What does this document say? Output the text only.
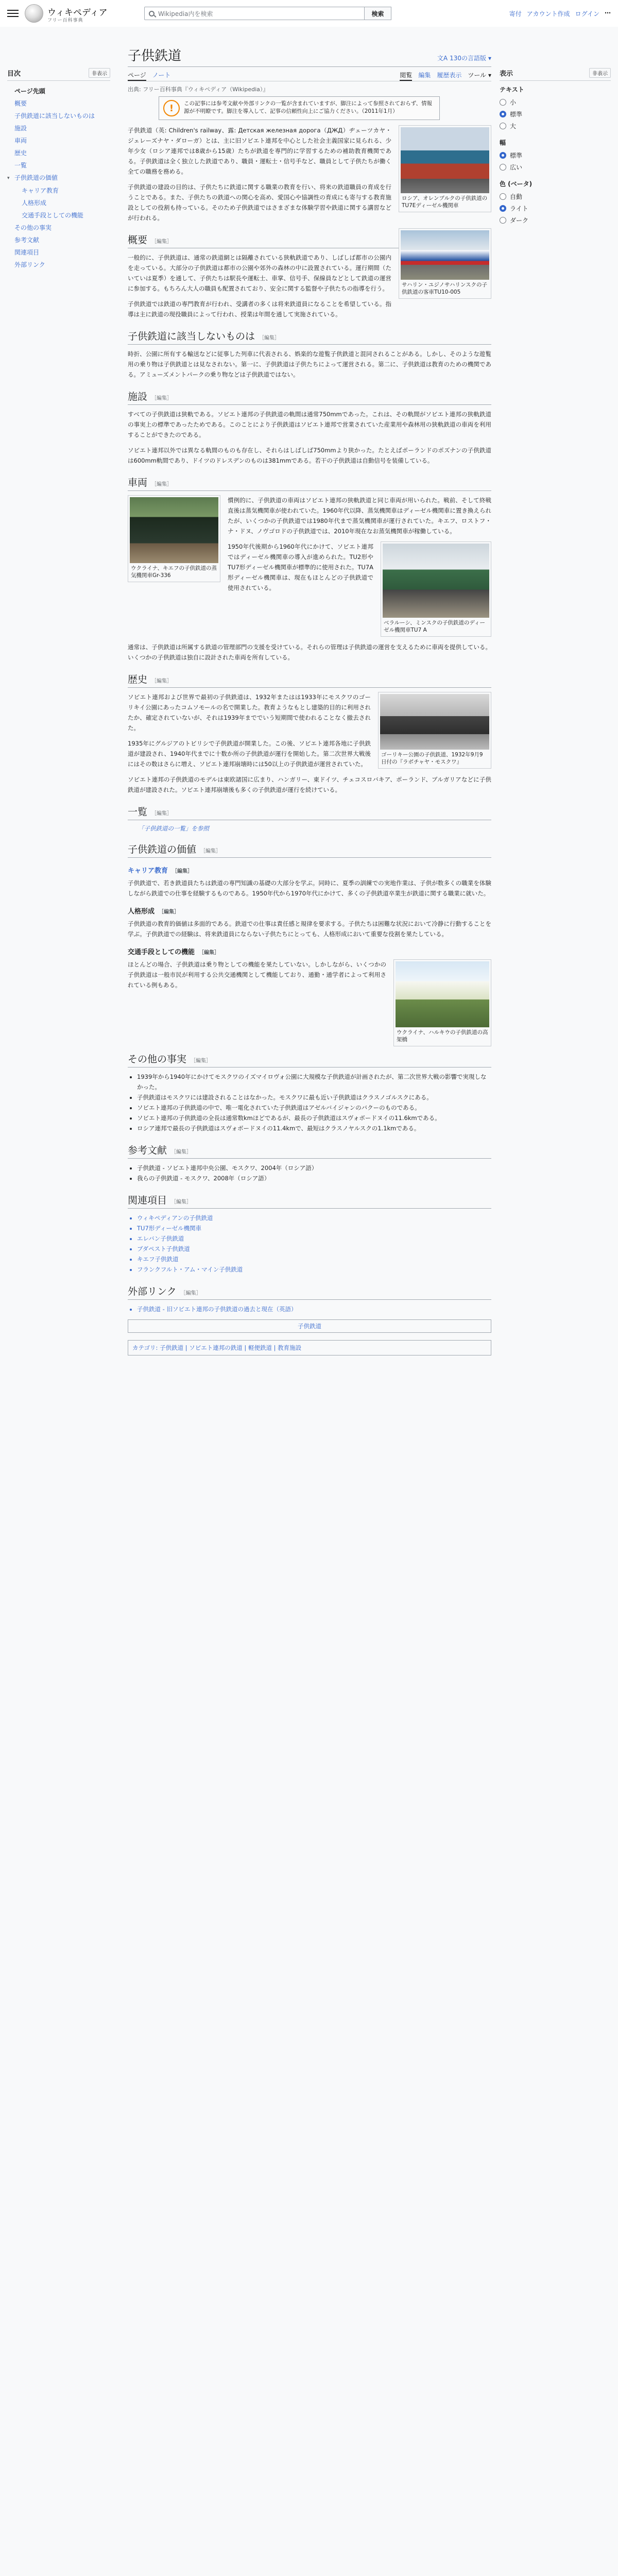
ウィキペディア
フリー百科事典
Wikipedia内を検索	検索	寄付 アカウント作成 ログイン ⋯
目次	非表示
ページ先頭
概要
子供鉄道に該当しないものは
施設
車両
歴史
一覧
▾ 子供鉄道の価値
キャリア教育
人格形成
交通手段としての機能
その他の事実
参考文献
関連項目
外部リンク
表示	非表示
テキスト
小
標準
大
幅
標準
広い
色 (ベータ)
自動
ライト
ダーク
子供鉄道	文A 130の言語版 ▾
ページ ノート	閲覧 編集 履歴表示 ツール ▾
出典: フリー百科事典『ウィキペディア（Wikipedia）』
!	この記事には参考文献や外部リンクの一覧が含まれていますが、脚注によって参照されておらず、情報源が不明瞭です。脚注を導入して、記事の信頼性向上にご協力ください。（2011年1月）
ロシア、オレンブルクの子供鉄道のTU7Eディーゼル機関車

子供鉄道（英: Children's railway、露: Детская железная дорога（ДЖД）ヂェーツカヤ・ジェレーズナヤ・ダローガ）とは、主に旧ソビエト連邦を中心とした社会主義国家に見られる、少年少女（ロシア連邦では8歳から15歳）たちが鉄道を専門的に学習するための補助教育機関である。子供鉄道は全く独立した鉄道であり、職員・運転士・信号手など、職員として子供たちが働く全ての職務を務める。

子供鉄道の建設の目的は、子供たちに鉄道に関する職業の教育を行い、将来の鉄道職員の育成を行うことである。また、子供たちの鉄道への関心を高め、愛国心や協調性の育成にも寄与する教育施設としての役割も持っている。そのため子供鉄道ではさまざまな体験学習や鉄道に関する講習などが行われる。

サハリン・ユジノサハリンスクの子供鉄道の客車TU10-005
概要 ［編集］

一般的に、子供鉄道は、通常の鉄道網とは隔離されている狭軌鉄道であり、しばしば都市の公園内を走っている。大部分の子供鉄道は都市の公園や郊外の森林の中に設置されている。運行期間（たいていは夏季）を通して、子供たちは駅長や運転士、車掌、信号手、保線員などとして鉄道の運営に参加する。もちろん大人の職員も配置されており、安全に関する監督や子供たちの指導を行う。

子供鉄道では鉄道の専門教育が行われ、受講者の多くは将来鉄道員になることを希望している。指導は主に鉄道の現役職員によって行われ、授業は年間を通して実施されている。

子供鉄道に該当しないものは ［編集］

時折、公園に所有する輸送などに従事した列車に代表される、娯楽的な遊覧子供鉄道と混同されることがある。しかし、そのような遊覧用の乗り物は子供鉄道とは見なされない。第一に、子供鉄道は子供たちによって運営される。第二に、子供鉄道は教育のための機関である。アミューズメントパークの乗り物などは子供鉄道ではない。

施設 ［編集］

すべての子供鉄道は狭軌である。ソビエト連邦の子供鉄道の軌間は通常750mmであった。これは、その軌間がソビエト連邦の狭軌鉄道の事実上の標準であったためである。このことにより子供鉄道はソビエト連邦で営業されていた産業用や森林用の狭軌鉄道の車両を利用することができたのである。

ソビエト連邦以外では異なる軌間のものも存在し、それらはしばしば750mmより狭かった。たとえばポーランドのポズナンの子供鉄道は600mm軌間であり、ドイツのドレスデンのものは381mmである。若干の子供鉄道は自動信号を装備している。

車両 ［編集］
ウクライナ、キエフの子供鉄道の蒸気機関車Gr-336

慣例的に、子供鉄道の車両はソビエト連邦の狭軌鉄道と同じ車両が用いられた。戦前、そして終戦直後は蒸気機関車が使われていた。1960年代以降、蒸気機関車はディーゼル機関車に置き換えられたが、いくつかの子供鉄道では1980年代まで蒸気機関車が運行されていた。キエフ、ロストフ・ナ・ドヌ、ノヴゴロドの子供鉄道では、2010年現在なお蒸気機関車が稼働している。

ベラルーシ、ミンスクの子供鉄道のディーゼル機関車TU7 A

1950年代後期から1960年代にかけて、ソビエト連邦ではディーゼル機関車の導入が進められた。TU2形やTU7形ディーゼル機関車が標準的に使用された。TU7A形ディーゼル機関車は、現在もほとんどの子供鉄道で使用されている。

通常は、子供鉄道は所属する鉄道の管理部門の支援を受けている。それらの管理は子供鉄道の運営を支えるために車両を提供している。いくつかの子供鉄道は独自に設計された車両を所有している。

歴史 ［編集］
ゴーリキー公園の子供鉄道、1932年9月9日付の『ラボチャヤ・モスクワ』

ソビエト連邦および世界で最初の子供鉄道は、1932年またはは1933年にモスクワのゴーリキイ公園にあったコムソモールの名で開業した。教育ようなもとし建築的目的に利用されたか、確定されていないが、それは1939年まででいう短期間で使われることなく撤去された。

1935年にグルジアのトビリシで子供鉄道が開業した。この後、ソビエト連邦各地に子供鉄道が建設され、1940年代までに十数か所の子供鉄道が運行を開始した。第二次世界大戦後にはその数はさらに増え、ソビエト連邦崩壊時には50以上の子供鉄道が運営されていた。

ソビエト連邦の子供鉄道のモデルは東欧諸国に広まり、ハンガリー、東ドイツ、チェコスロバキア、ポーランド、ブルガリアなどに子供鉄道が建設された。ソビエト連邦崩壊後も多くの子供鉄道が運行を続けている。

一覧 ［編集］
「子供鉄道の一覧」を参照
子供鉄道の価値 ［編集］
キャリア教育 ［編集］

子供鉄道で、若き鉄道員たちは鉄道の専門知識の基礎の大部分を学ぶ。同時に、夏季の訓練での実地作業は、子供が数多くの職業を体験しながら鉄道での仕事を経験するものである。1950年代から1970年代にかけて、多くの子供鉄道卒業生が鉄道に関する職業に就いた。

人格形成 ［編集］

子供鉄道の教育的価値は多面的である。鉄道での仕事は責任感と規律を要求する。子供たちは困難な状況において冷静に行動することを学ぶ。子供鉄道での経験は、将来鉄道員にならない子供たちにとっても、人格形成において重要な役割を果たしている。

交通手段としての機能 ［編集］
ウクライナ、ハルキウの子供鉄道の高架橋

ほとんどの場合、子供鉄道は乗り物としての機能を果たしていない。しかしながら、いくつかの子供鉄道は一般市民が利用する公共交通機関として機能しており、通勤・通学者によって利用されている例もある。

その他の事実 ［編集］
• 1939年から1940年にかけてモスクワのイズマイロヴォ公園に大規模な子供鉄道が計画されたが、第二次世界大戦の影響で実現しなかった。
• 子供鉄道はモスクワには建設されることはなかった。モスクワに最も近い子供鉄道はクラスノゴルスクにある。
• ソビエト連邦の子供鉄道の中で、唯一電化されていた子供鉄道はアゼルバイジャンのバクーのものである。
• ソビエト連邦の子供鉄道の全長は通常数kmほどであるが、最長の子供鉄道はスヴォボードヌイの11.6kmである。
• ロシア連邦で最長の子供鉄道はスヴォボードヌイの11.4kmで、最短はクラスノヤルスクの1.1kmである。
参考文献 ［編集］
• 子供鉄道 - ソビエト連邦中央公園、モスクワ、2004年（ロシア語）
• 我らの子供鉄道 - モスクワ、2008年（ロシア語）
関連項目 ［編集］
• ウィキペディアンの子供鉄道
• TU7形ディーゼル機関車
• エレバン子供鉄道
• ブダペスト子供鉄道
• キエフ子供鉄道
• フランクフルト・アム・マイン子供鉄道
外部リンク ［編集］
• 子供鉄道 - 旧ソビエト連邦の子供鉄道の過去と現在（英語）
子供鉄道
カテゴリ: 子供鉄道 | ソビエト連邦の鉄道 | 軽便鉄道 | 教育施設
